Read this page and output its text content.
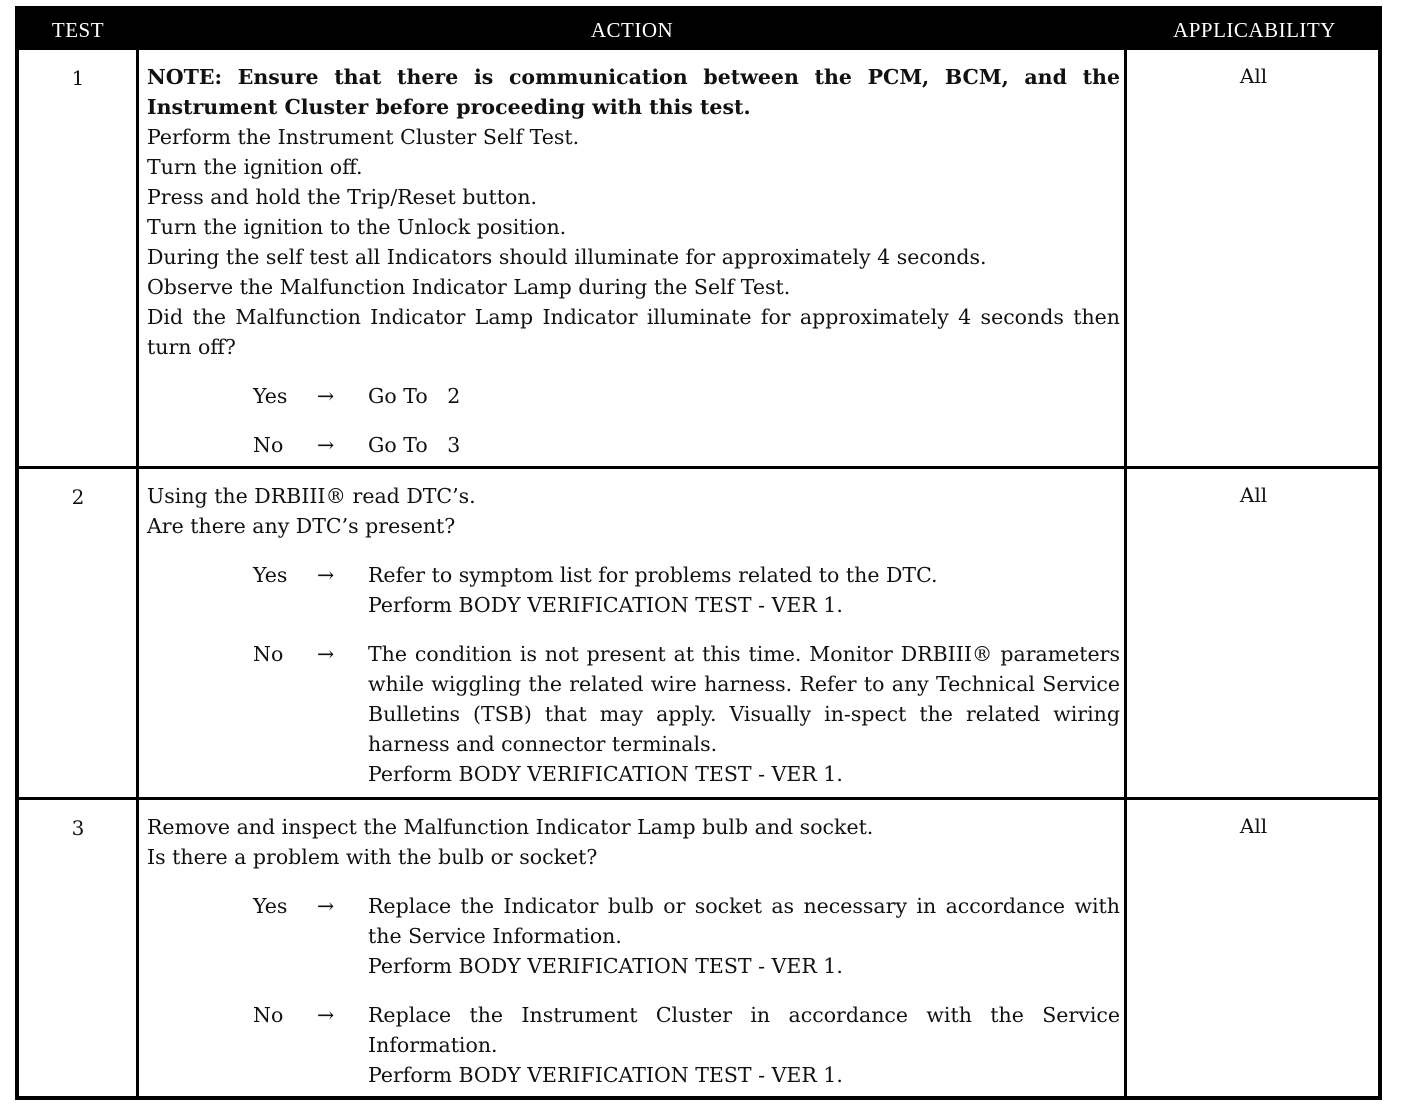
TEST	ACTION	APPLICABILITY
1	NOTE: Ensure that there is communication between the PCM, BCM, and the Instrument Cluster before proceeding with this test.

Perform the Instrument Cluster Self Test.

Turn the ignition off.

Press and hold the Trip/Reset button.

Turn the ignition to the Unlock position.

During the self test all Indicators should illuminate for approximately 4 seconds.

Observe the Malfunction Indicator Lamp during the Self Test.

Did the Malfunction Indicator Lamp Indicator illuminate for approximately 4 seconds then turn off?

Yes → Go To 2
No → Go To 3
All
2	Using the DRBIII® read DTC’s.

Are there any DTC’s present?

Yes → Refer to symptom list for problems related to the DTC.

Perform BODY VERIFICATION TEST - VER 1.

No → The condition is not present at this time. Monitor DRBIII® parameters while wiggling the related wire harness. Refer to any Technical Service Bulletins (TSB) that may apply. Visually in-spect the related wiring harness and connector terminals.

Perform BODY VERIFICATION TEST - VER 1.

All
3	Remove and inspect the Malfunction Indicator Lamp bulb and socket.

Is there a problem with the bulb or socket?

Yes → Replace the Indicator bulb or socket as necessary in accordance with the Service Information.

Perform BODY VERIFICATION TEST - VER 1.

No → Replace the Instrument Cluster in accordance with the Service Information.

Perform BODY VERIFICATION TEST - VER 1.

All
